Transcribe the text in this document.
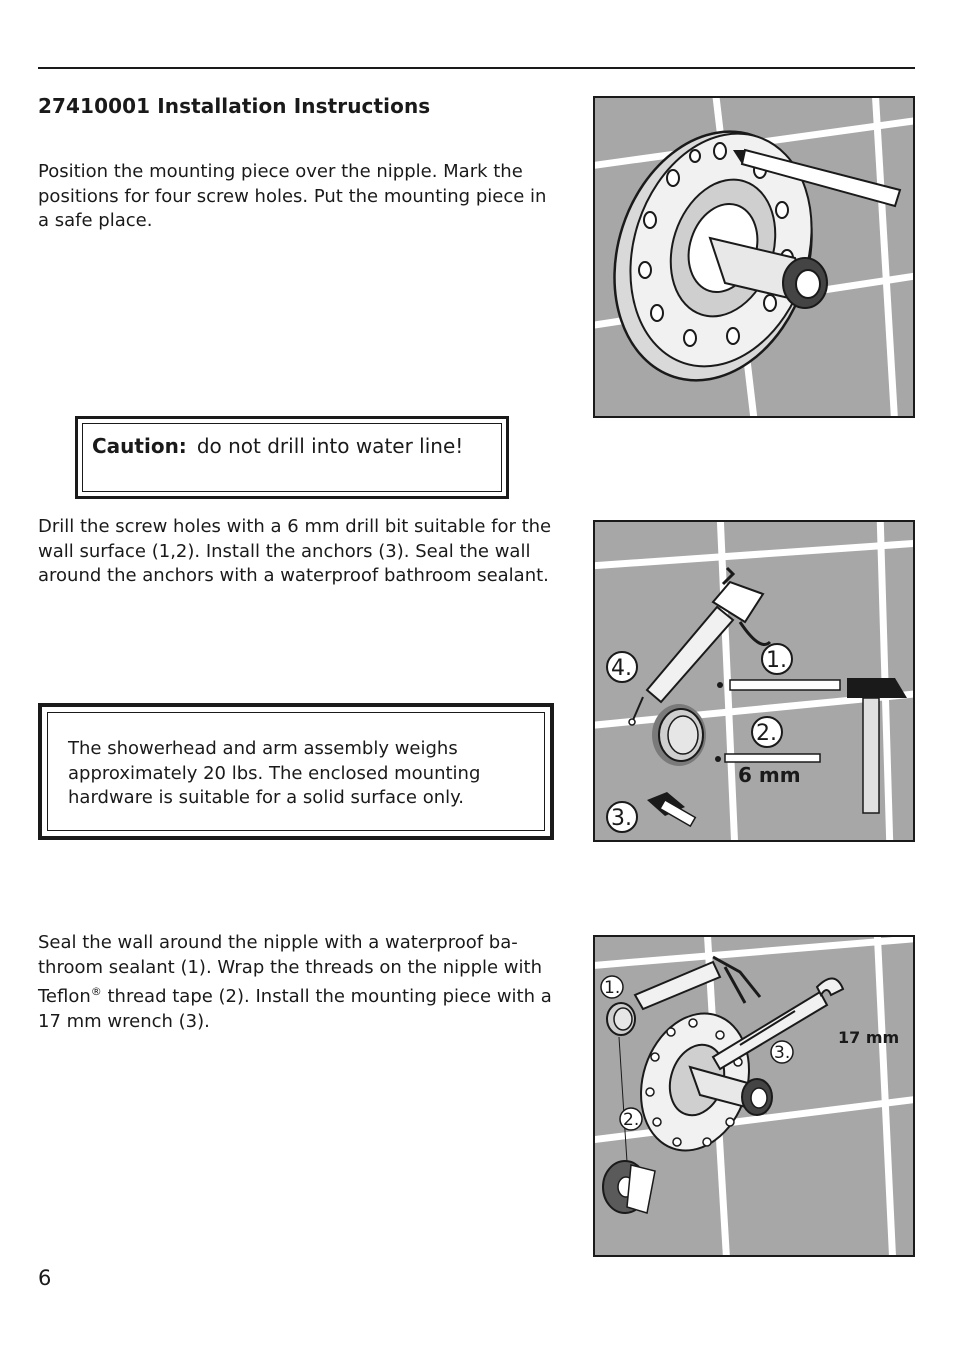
27410001 Installation Instructions

Position the mounting piece over the nipple. Mark the positions for four screw holes. Put the mounting piece in a safe place.

Caution: do not drill into water line!

Drill the screw holes with a 6 mm drill bit suitable for the wall surface (1,2). Install the anchors (3). Seal the wall around the anchors with a waterproof bathroom sealant.

The showerhead and arm assembly weighs approximately 20 lbs. The enclosed mounting hardware is suitable for a solid surface only.

Seal the wall around the nipple with a waterproof ba-throom sealant (1). Wrap the threads on the nipple with Teflon® thread tape (2). Install the mounting piece with a 17 mm wrench (3).

4.	1.
2.
3.
6 mm
1.
3.
2.
17 mm
6
